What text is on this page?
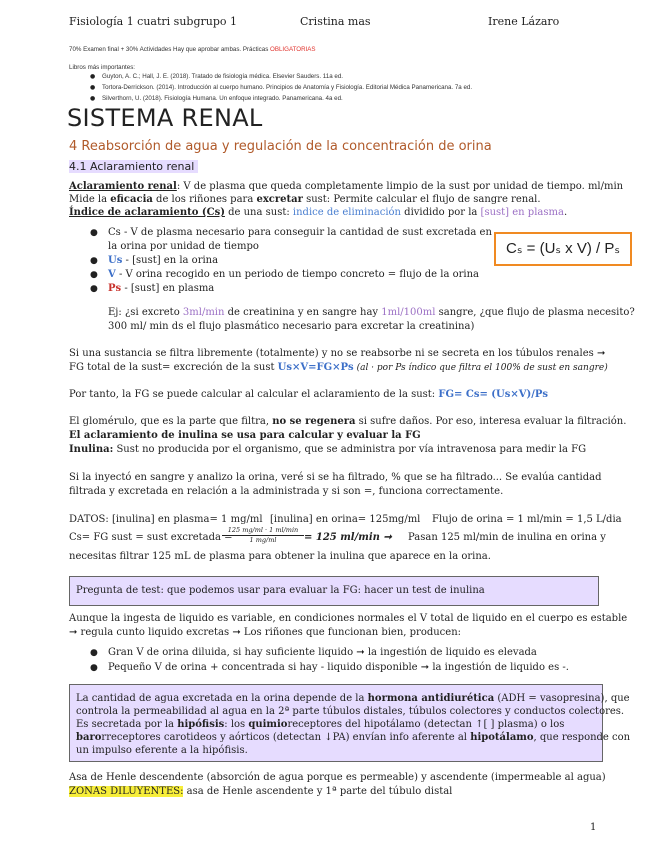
Fisiología 1 cuatri subgrupo 1	Cristina mas	Irene Lázaro
70% Examen final + 30% Actividades Hay que aprobar ambas. Prácticas OBLIGATORIAS
Libros más importantes:
● Guyton, A. C.; Hall, J. E. (2018). Tratado de fisiología médica. Elsevier Sauders. 11a ed.
● Tortora-Derrickson. (2014). Introducción al cuerpo humano. Principios de Anatomía y Fisiología. Editorial Médica Panamericana. 7a ed.
● Silverthorn, U. (2018). Fisiología Humana. Un enfoque integrado. Panamericana. 4a ed.
SISTEMA RENAL
4 Reabsorción de agua y regulación de la concentración de orina
4.1 Aclaramiento renal
Aclaramiento renal: V de plasma que queda completamente limpio de la sust por unidad de tiempo. ml/min
Mide la eficacia de los riñones para excretar sust: Permite calcular el flujo de sangre renal.
Índice de aclaramiento (Cs) de una sust: indice de eliminación dividido por la [sust] en plasma.
Cₛ = (Uₛ x V) / Pₛ
● Cs - V de plasma necesario para conseguir la cantidad de sust excretada en
la orina por unidad de tiempo
● Us - [sust] en la orina
● V - V orina recogido en un periodo de tiempo concreto = flujo de la orina
● Ps - [sust] en plasma
Ej: ¿si excreto 3ml/min de creatinina y en sangre hay 1ml/100ml sangre, ¿que flujo de plasma necesito?
300 ml/ min ds el flujo plasmático necesario para excretar la creatinina)
Si una sustancia se filtra libremente (totalmente) y no se reabsorbe ni se secreta en los túbulos renales ➞
FG total de la sust= excreción de la sust Us×V=FG×Ps (al · por Ps índico que filtra el 100% de sust en sangre)
Por tanto, la FG se puede calcular al calcular el aclaramiento de la sust: FG= Cs= (Us×V)/Ps
El glomérulo, que es la parte que filtra, no se regenera si sufre daños. Por eso, interesa evaluar la filtración.
El aclaramiento de inulina se usa para calcular y evaluar la FG
Inulina: Sust no producida por el organismo, que se administra por vía intravenosa para medir la FG
Si la inyectó en sangre y analizo la orina, veré si se ha filtrado, % que se ha filtrado... Se evalúa cantidad
filtrada y excretada en relación a la administrada y si son =, funciona correctamente.
DATOS: [inulina] en plasma= 1 mg/ml [inulina] en orina= 125mg/ml Flujo de orina = 1 ml/min = 1,5 L/dia
Cs= FG sust = sust excretada =
125 mg/ml · 1 ml/min
1 mg/ml	= 125 ml/min ➞ Pasan 125 ml/min de inulina en orina y
necesitas filtrar 125 mL de plasma para obtener la inulina que aparece en la orina.
Pregunta de test: que podemos usar para evaluar la FG: hacer un test de inulina
Aunque la ingesta de liquido es variable, en condiciones normales el V total de liquido en el cuerpo es estable
➞ regula cunto liquido excretas ➞ Los riñones que funcionan bien, producen:
● Gran V de orina diluida, si hay suficiente liquido ➞ la ingestión de liquido es elevada
● Pequeño V de orina + concentrada si hay - liquido disponible ➞ la ingestión de liquido es -.
La cantidad de agua excretada en la orina depende de la hormona antidiurética (ADH = vasopresina), que
controla la permeabilidad al agua en la 2ª parte túbulos distales, túbulos colectores y conductos colectores.
Es secretada por la hipófisis: los quimioreceptores del hipotálamo (detectan ↑[ ] plasma) o los
barorreceptores carotideos y aórticos (detectan ↓PA) envían info aferente al hipotálamo, que responde con
un impulso eferente a la hipófisis.
Asa de Henle descendente (absorción de agua porque es permeable) y ascendente (impermeable al agua)
ZONAS DILUYENTES: asa de Henle ascendente y 1ª parte del túbulo distal
1
